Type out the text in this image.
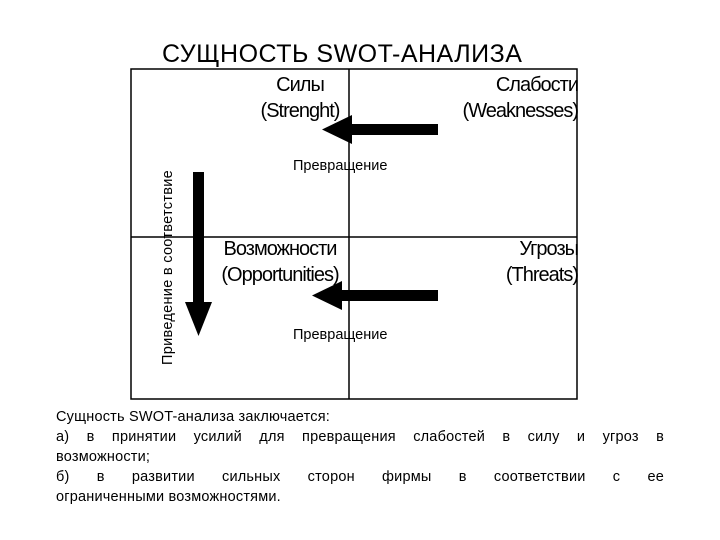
СУЩНОСТЬ SWOT-АНАЛИЗА
Приведение в соответствие
Силы
(Strenght)
Слабости
(Weaknesses)
Возможности
(Opportunities)
Угрозы
(Threats)
Превращение
Превращение
Сущность SWOT-анализа заключается:
а) в принятии усилий для превращения слабостей в силу и угроз в
возможности;
б) в развитии сильных сторон фирмы в соответствии с ее
ограниченными возможностями.
